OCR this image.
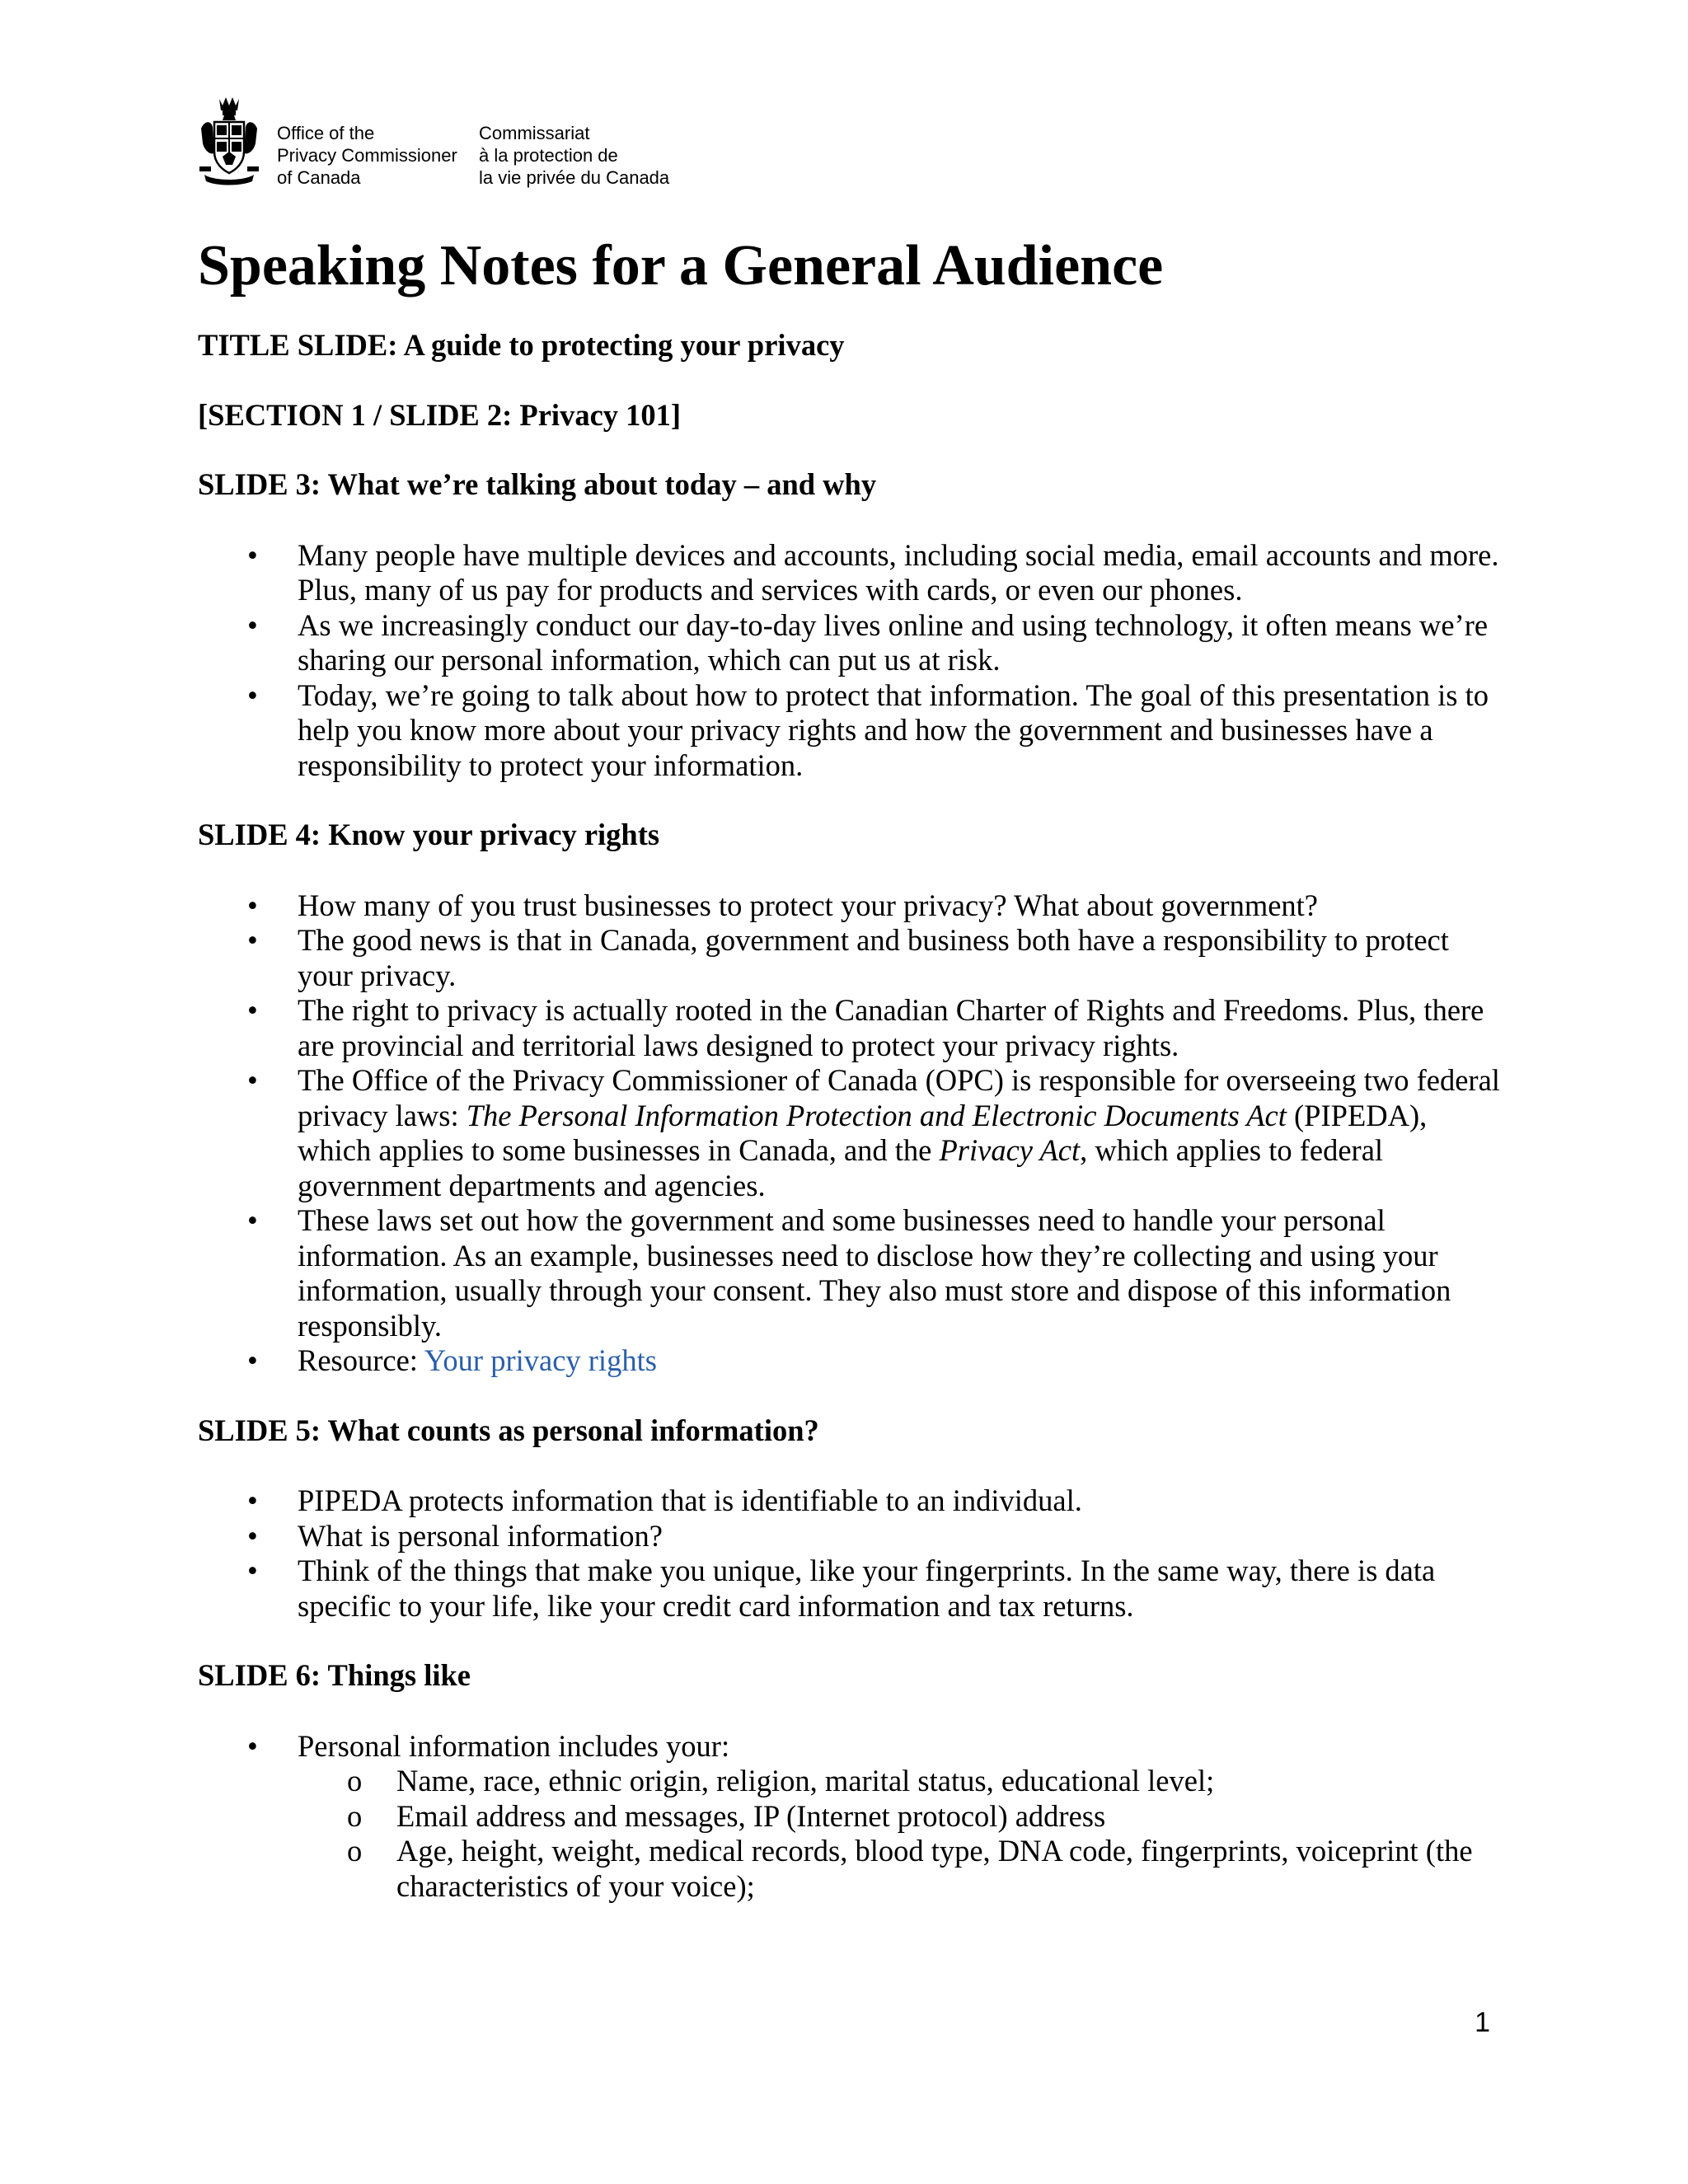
Office of the
Privacy Commissioner
of Canada
Commissariat
à la protection de
la vie privée du Canada
Speaking Notes for a General Audience

TITLE SLIDE: A guide to protecting your privacy

[SECTION 1 / SLIDE 2: Privacy 101]

SLIDE 3: What we’re talking about today – and why

•	Many people have multiple devices and accounts, including social media, email accounts and more. Plus, many of us pay for products and services with cards, or even our phones.
•	As we increasingly conduct our day-to-day lives online and using technology, it often means we’re sharing our personal information, which can put us at risk.
•	Today, we’re going to talk about how to protect that information. The goal of this presentation is to help you know more about your privacy rights and how the government and businesses have a responsibility to protect your information.

SLIDE 4: Know your privacy rights

•	How many of you trust businesses to protect your privacy? What about government?
•	The good news is that in Canada, government and business both have a responsibility to protect your privacy.
•	The right to privacy is actually rooted in the Canadian Charter of Rights and Freedoms. Plus, there are provincial and territorial laws designed to protect your privacy rights.
•	The Office of the Privacy Commissioner of Canada (OPC) is responsible for overseeing two federal privacy laws: The Personal Information Protection and Electronic Documents Act (PIPEDA), which applies to some businesses in Canada, and the Privacy Act, which applies to federal government departments and agencies.
•	These laws set out how the government and some businesses need to handle your personal information. As an example, businesses need to disclose how they’re collecting and using your information, usually through your consent. They also must store and dispose of this information responsibly.
•	Resource: Your privacy rights

SLIDE 5: What counts as personal information?

•	PIPEDA protects information that is identifiable to an individual.
•	What is personal information?
•	Think of the things that make you unique, like your fingerprints. In the same way, there is data specific to your life, like your credit card information and tax returns.

SLIDE 6: Things like

•	Personal information includes your:
o Name, race, ethnic origin, religion, marital status, educational level;
o Email address and messages, IP (Internet protocol) address
o Age, height, weight, medical records, blood type, DNA code, fingerprints, voiceprint (the characteristics of your voice);
1
